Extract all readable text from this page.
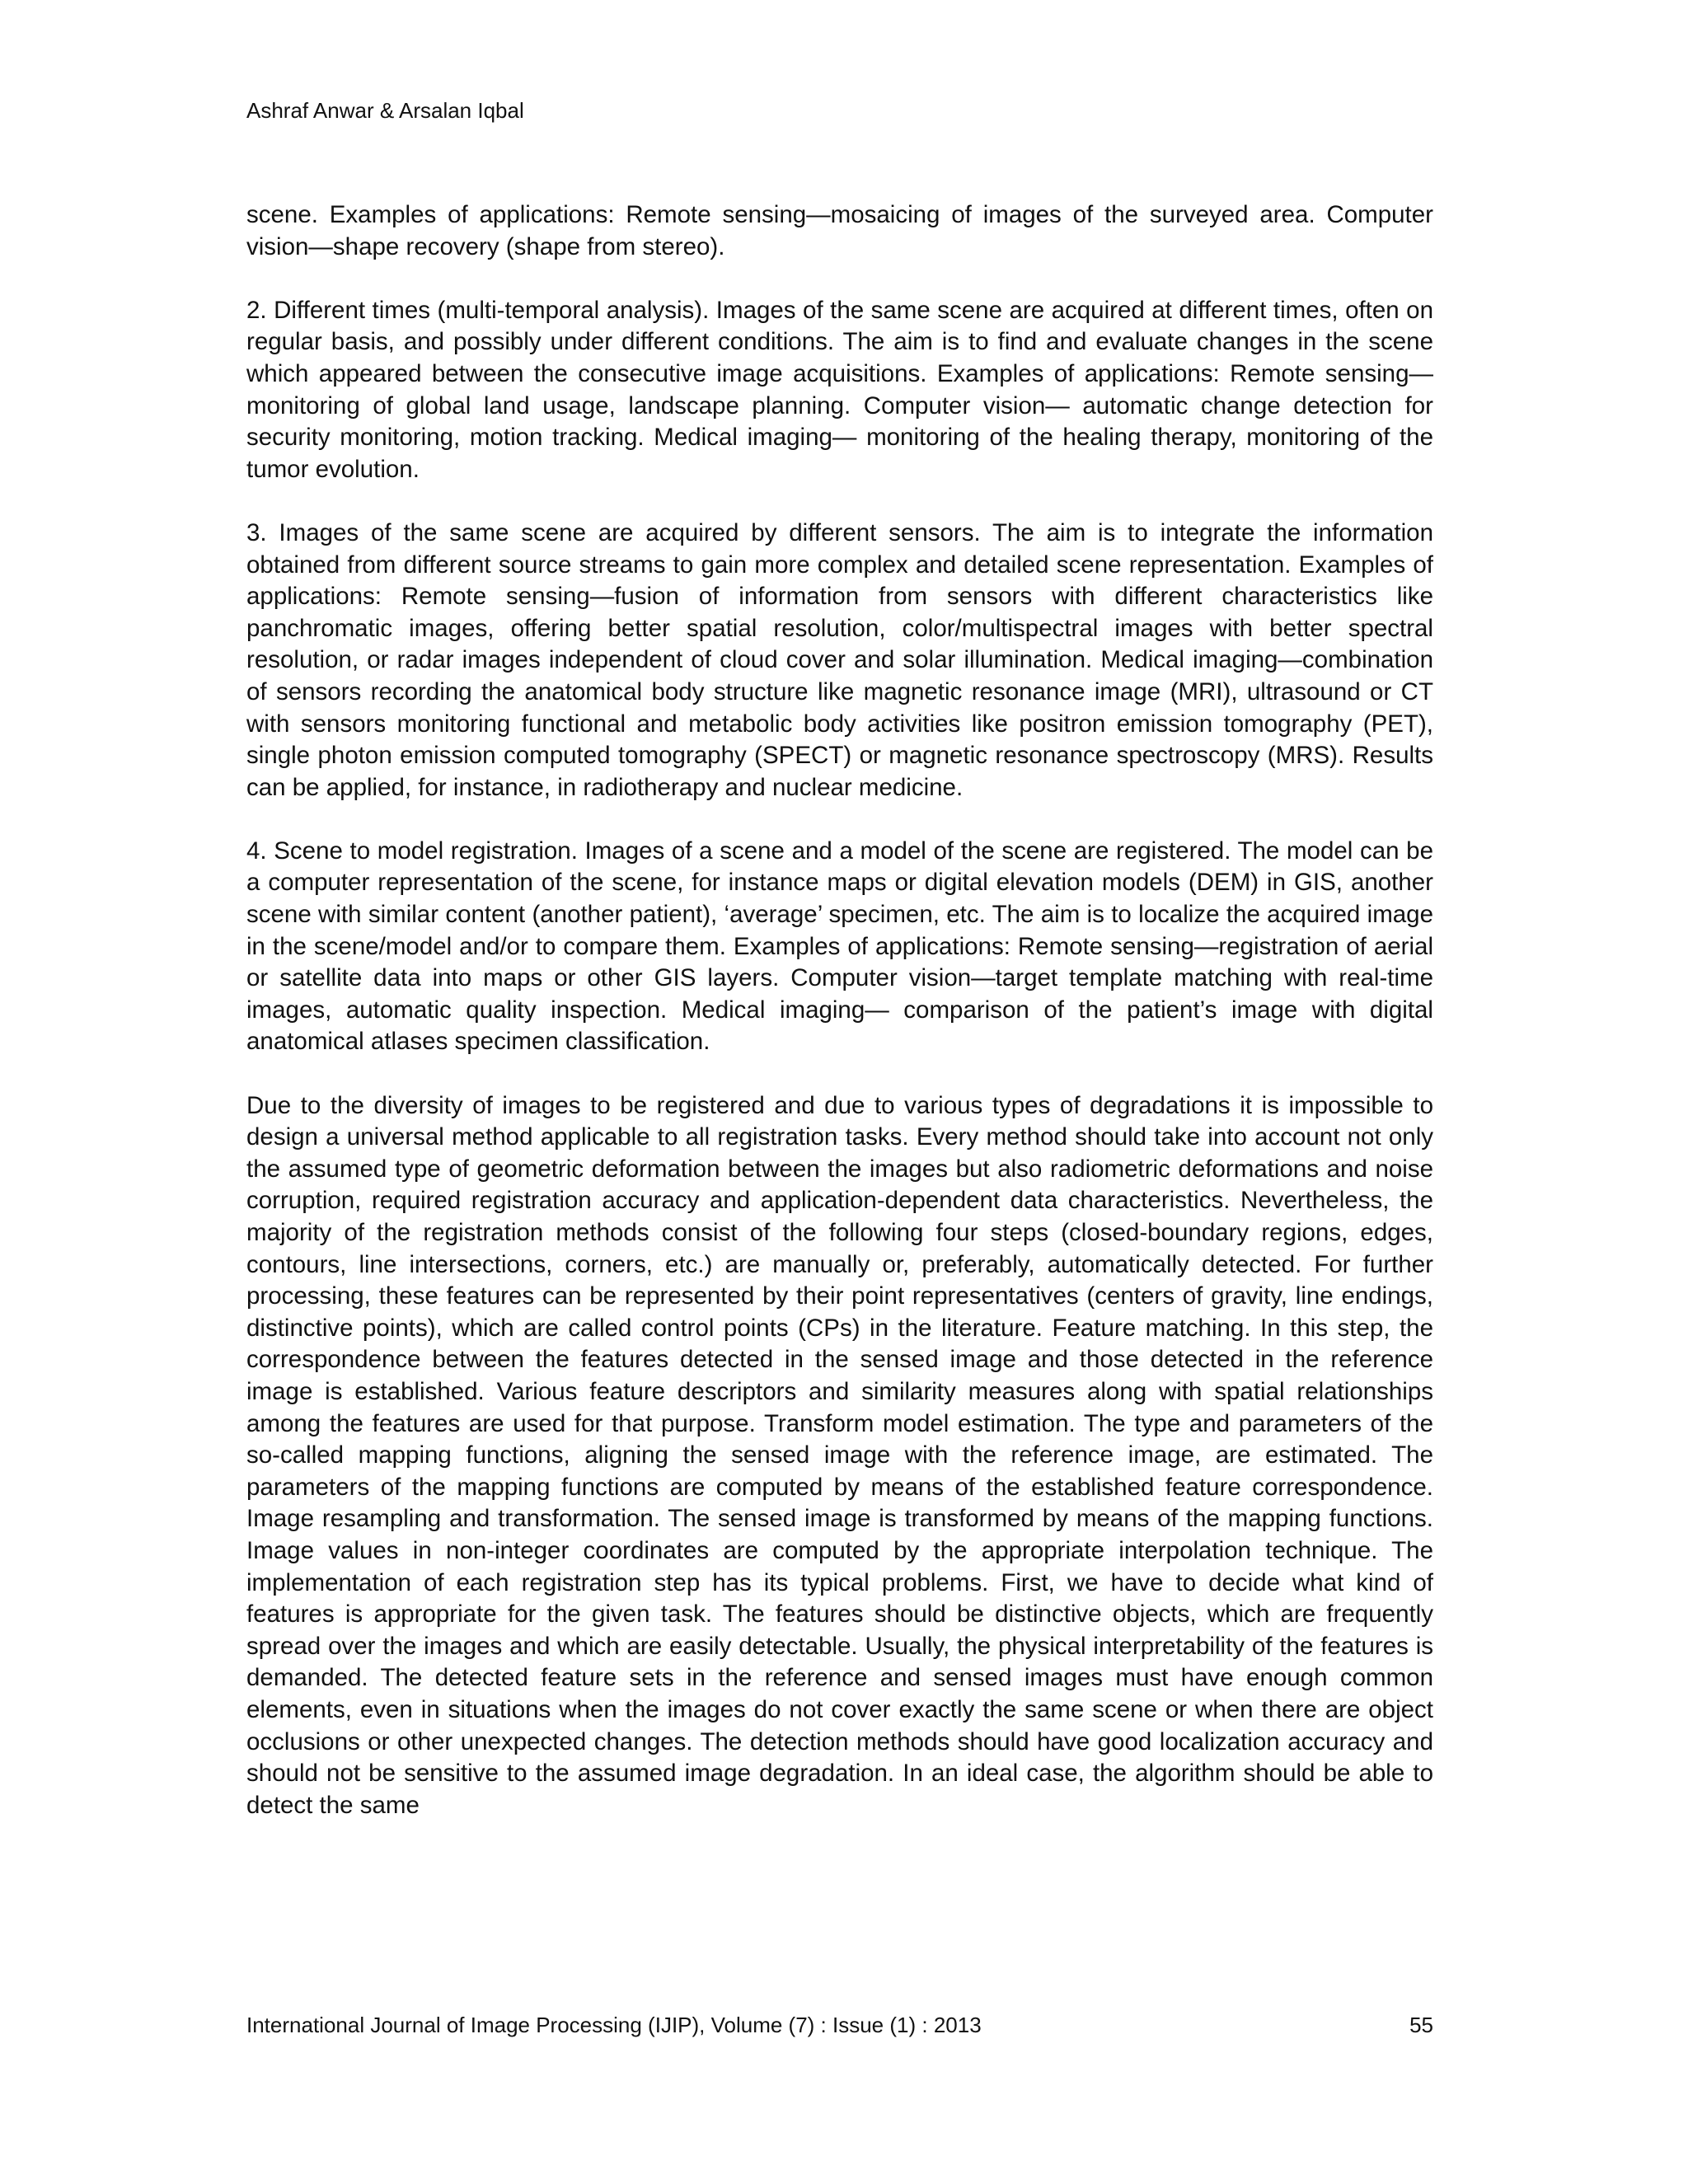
Ashraf Anwar & Arsalan Iqbal

scene. Examples of applications: Remote sensing—mosaicing of images of the surveyed area. Computer vision—shape recovery (shape from stereo).

2. Different times (multi-temporal analysis). Images of the same scene are acquired at different times, often on regular basis, and possibly under different conditions. The aim is to find and evaluate changes in the scene which appeared between the consecutive image acquisitions. Examples of applications: Remote sensing—monitoring of global land usage, landscape planning. Computer vision— automatic change detection for security monitoring, motion tracking. Medical imaging— monitoring of the healing therapy, monitoring of the tumor evolution.

3. Images of the same scene are acquired by different sensors. The aim is to integrate the information obtained from different source streams to gain more complex and detailed scene representation. Examples of applications: Remote sensing—fusion of information from sensors with different characteristics like panchromatic images, offering better spatial resolution, color/multispectral images with better spectral resolution, or radar images independent of cloud cover and solar illumination. Medical imaging—combination of sensors recording the anatomical body structure like magnetic resonance image (MRI), ultrasound or CT with sensors monitoring functional and metabolic body activities like positron emission tomography (PET), single photon emission computed tomography (SPECT) or magnetic resonance spectroscopy (MRS). Results can be applied, for instance, in radiotherapy and nuclear medicine.

4. Scene to model registration. Images of a scene and a model of the scene are registered. The model can be a computer representation of the scene, for instance maps or digital elevation models (DEM) in GIS, another scene with similar content (another patient), ‘average’ specimen, etc. The aim is to localize the acquired image in the scene/model and/or to compare them. Examples of applications: Remote sensing—registration of aerial or satellite data into maps or other GIS layers. Computer vision—target template matching with real-time images, automatic quality inspection. Medical imaging— comparison of the patient’s image with digital anatomical atlases specimen classification.

Due to the diversity of images to be registered and due to various types of degradations it is impossible to design a universal method applicable to all registration tasks. Every method should take into account not only the assumed type of geometric deformation between the images but also radiometric deformations and noise corruption, required registration accuracy and application-dependent data characteristics. Nevertheless, the majority of the registration methods consist of the following four steps (closed-boundary regions, edges, contours, line intersections, corners, etc.) are manually or, preferably, automatically detected. For further processing, these features can be represented by their point representatives (centers of gravity, line endings, distinctive points), which are called control points (CPs) in the literature. Feature matching. In this step, the correspondence between the features detected in the sensed image and those detected in the reference image is established. Various feature descriptors and similarity measures along with spatial relationships among the features are used for that purpose. Transform model estimation. The type and parameters of the so-called mapping functions, aligning the sensed image with the reference image, are estimated. The parameters of the mapping functions are computed by means of the established feature correspondence. Image resampling and transformation. The sensed image is transformed by means of the mapping functions. Image values in non-integer coordinates are computed by the appropriate interpolation technique. The implementation of each registration step has its typical problems. First, we have to decide what kind of features is appropriate for the given task. The features should be distinctive objects, which are frequently spread over the images and which are easily detectable. Usually, the physical interpretability of the features is demanded. The detected feature sets in the reference and sensed images must have enough common elements, even in situations when the images do not cover exactly the same scene or when there are object occlusions or other unexpected changes. The detection methods should have good localization accuracy and should not be sensitive to the assumed image degradation. In an ideal case, the algorithm should be able to detect the same

International Journal of Image Processing (IJIP), Volume (7) : Issue (1) : 2013	55
